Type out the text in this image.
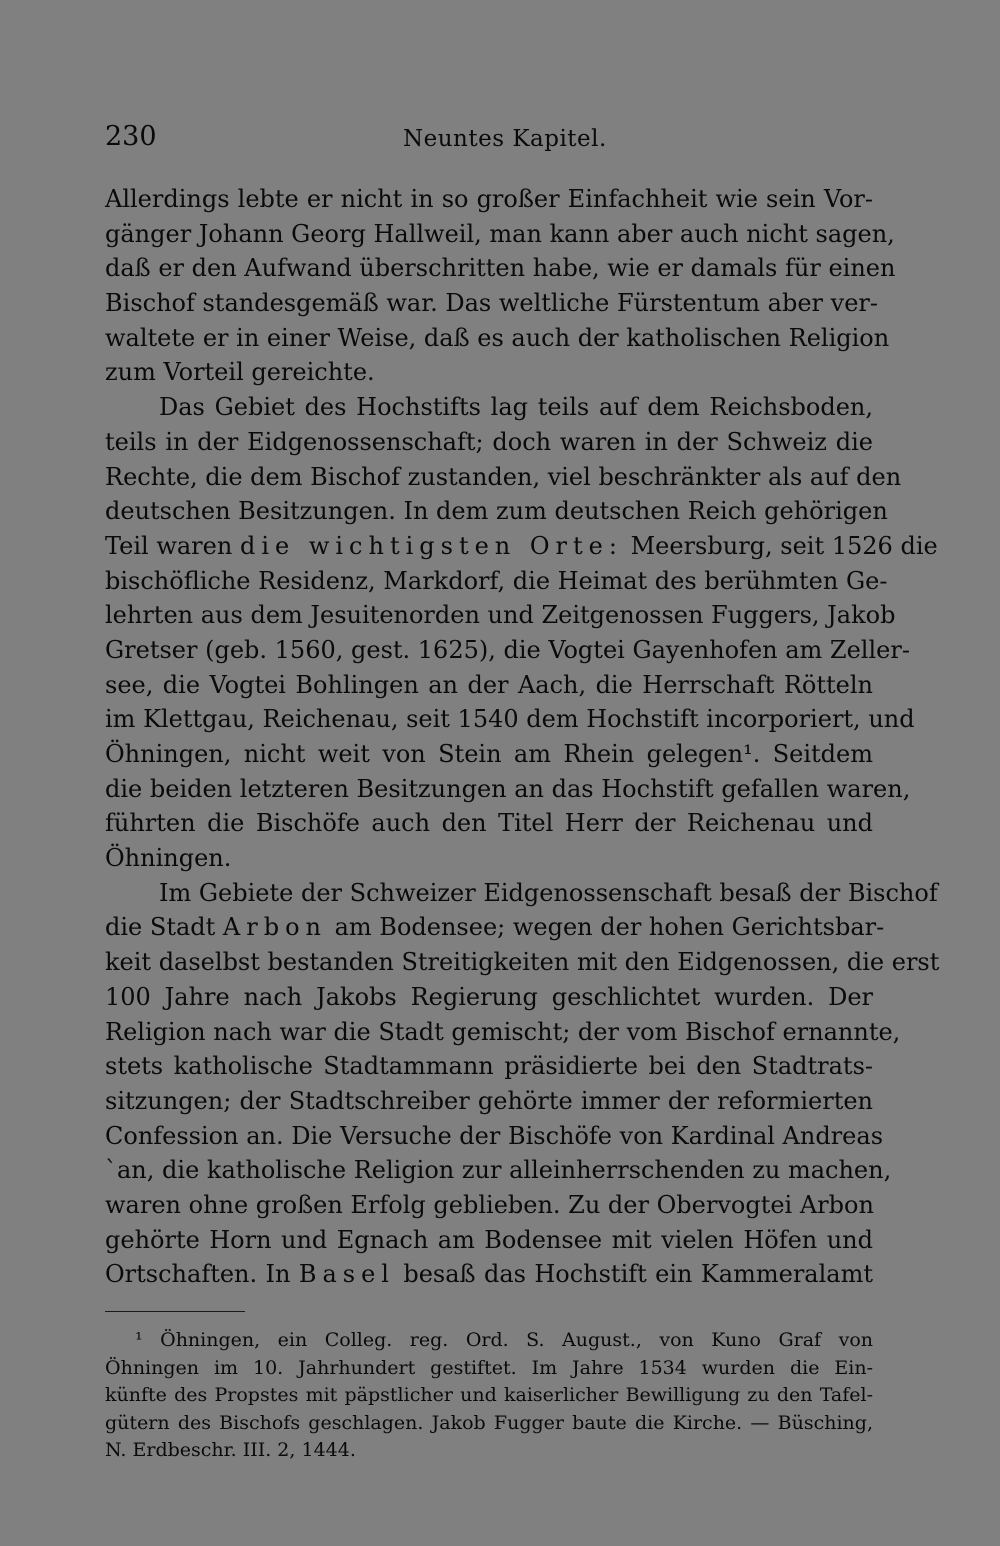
230	Neuntes Kapitel.
Allerdings lebte er nicht in so großer Einfachheit wie sein Vor-
gänger Johann Georg Hallweil, man kann aber auch nicht sagen,
daß er den Aufwand überschritten habe, wie er damals für einen
Bischof standesgemäß war. Das weltliche Fürstentum aber ver-
waltete er in einer Weise, daß es auch der katholischen Religion
zum Vorteil gereichte.
Das Gebiet des Hochstifts lag teils auf dem Reichsboden,
teils in der Eidgenossenschaft; doch waren in der Schweiz die
Rechte, die dem Bischof zustanden, viel beschränkter als auf den
deutschen Besitzungen. In dem zum deutschen Reich gehörigen
Teil waren die wichtigsten Orte: Meersburg, seit 1526 die
bischöfliche Residenz, Markdorf, die Heimat des berühmten Ge-
lehrten aus dem Jesuitenorden und Zeitgenossen Fuggers, Jakob
Gretser (geb. 1560, gest. 1625), die Vogtei Gayenhofen am Zeller-
see, die Vogtei Bohlingen an der Aach, die Herrschaft Rötteln
im Klettgau, Reichenau, seit 1540 dem Hochstift incorporiert, und
Öhningen, nicht weit von Stein am Rhein gelegen¹. Seitdem
die beiden letzteren Besitzungen an das Hochstift gefallen waren,
führten die Bischöfe auch den Titel Herr der Reichenau und
Öhningen.
Im Gebiete der Schweizer Eidgenossenschaft besaß der Bischof
die Stadt Arbon am Bodensee; wegen der hohen Gerichtsbar-
keit daselbst bestanden Streitigkeiten mit den Eidgenossen, die erst
100 Jahre nach Jakobs Regierung geschlichtet wurden. Der
Religion nach war die Stadt gemischt; der vom Bischof ernannte,
stets katholische Stadtammann präsidierte bei den Stadtrats-
sitzungen; der Stadtschreiber gehörte immer der reformierten
Confession an. Die Versuche der Bischöfe von Kardinal Andreas
`an, die katholische Religion zur alleinherrschenden zu machen,
waren ohne großen Erfolg geblieben. Zu der Obervogtei Arbon
gehörte Horn und Egnach am Bodensee mit vielen Höfen und
Ortschaften. In Basel besaß das Hochstift ein Kammeralamt
¹ Öhningen, ein Colleg. reg. Ord. S. August., von Kuno Graf von
Öhningen im 10. Jahrhundert gestiftet. Im Jahre 1534 wurden die Ein-
künfte des Propstes mit päpstlicher und kaiserlicher Bewilligung zu den Tafel-
gütern des Bischofs geschlagen. Jakob Fugger baute die Kirche. — Büsching,
N. Erdbeschr. III. 2, 1444.
